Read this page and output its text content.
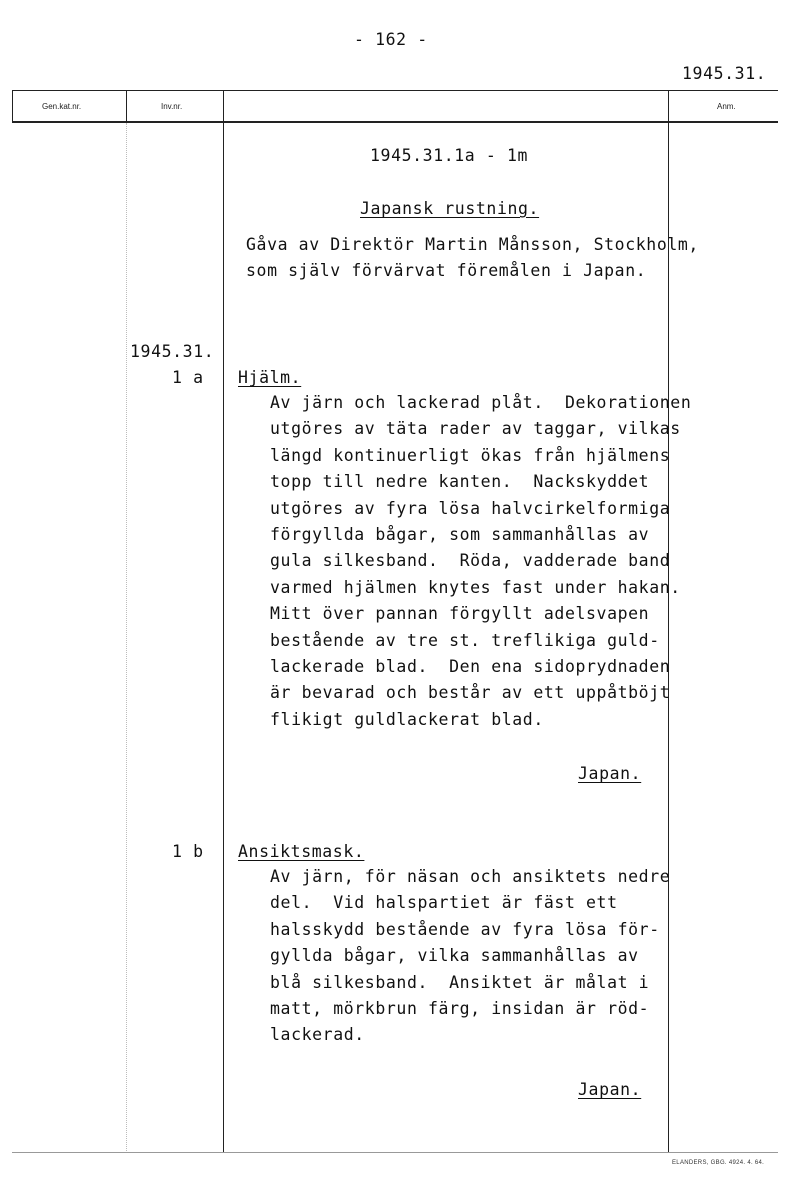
- 162 -
1945.31.
Gen.kat.nr.	Inv.nr.	Anm.
1945.31.1a - 1m
Japansk rustning.
Gåva av Direktör Martin Månsson, Stockholm,
som själv förvärvat föremålen i Japan.
1945.31.
1 a Hjälm.
Av järn och lackerad plåt.  Dekorationen
utgöres av täta rader av taggar, vilkas
längd kontinuerligt ökas från hjälmens
topp till nedre kanten.  Nackskyddet
utgöres av fyra lösa halvcirkelformiga
förgyllda bågar, som sammanhållas av
gula silkesband.  Röda, vadderade band
varmed hjälmen knytes fast under hakan.
Mitt över pannan förgyllt adelsvapen
bestående av tre st. treflikiga guld-
lackerade blad.  Den ena sidoprydnaden
är bevarad och består av ett uppåtböjt
flikigt guldlackerat blad.
Japan.
1 b Ansiktsmask.
Av järn, för näsan och ansiktets nedre
del.  Vid halspartiet är fäst ett
halsskydd bestående av fyra lösa för-
gyllda bågar, vilka sammanhållas av
blå silkesband.  Ansiktet är målat i
matt, mörkbrun färg, insidan är röd-
lackerad.
Japan.
ELANDERS, GBG. 4924. 4. 64.
